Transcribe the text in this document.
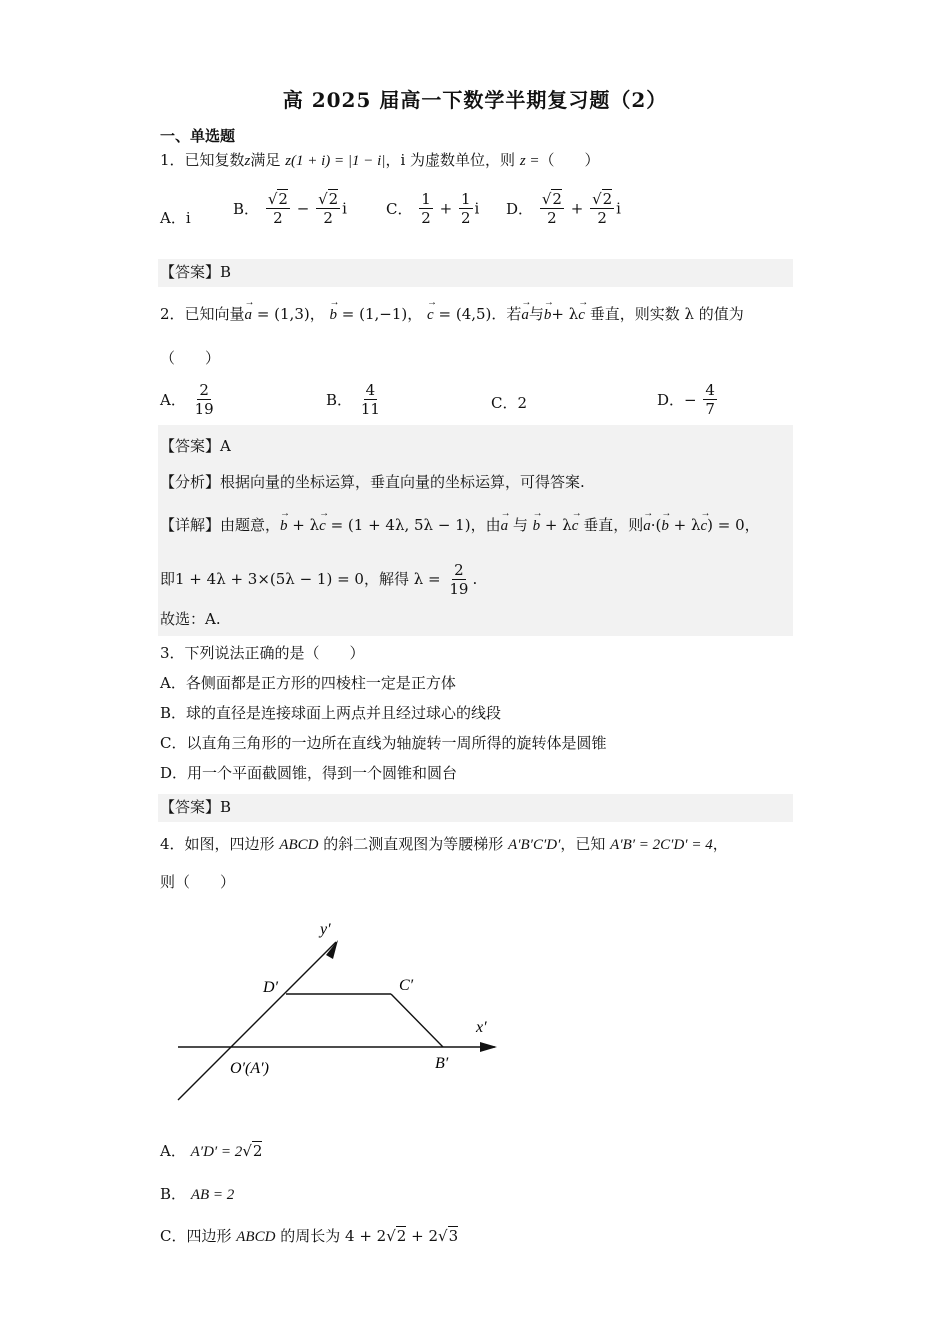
高 2025 届高一下数学半期复习题（2）
一、单选题
1．已知复数z满足 z(1 + i) = |1 − i|，i 为虚数单位，则 z =（　　）
A．i	B． $\frac{√2}{2} - \frac{√2}{2}$ i	C． $\frac{1}{2} + \frac{1}{2}$ i D． $\frac{√2}{2} + \frac{√2}{2}$ i
【答案】B
2．已知向量→ a = (1,3)， → b = (1,−1)， → c = (4,5)．若→ a与→ b+ λ→ c 垂直，则实数 λ 的值为
（　　）
A． $\frac{2}{19}$	B． $\frac{4}{11}$	C．2	D．− $\frac{4}{7}$
【答案】A
【分析】根据向量的坐标运算，垂直向量的坐标运算，可得答案.
【详解】由题意，→ b + λ→ c = (1 + 4λ, 5λ − 1)，由→ a 与 → b + λ→ c 垂直，则→ a·(→ b + λ→ c) = 0，
即1 + 4λ + 3×(5λ − 1) = 0，解得 $\lambda = \frac{2}{19}$ .
故选：A.
3．下列说法正确的是（　　）
A．各侧面都是正方形的四棱柱一定是正方体
B．球的直径是连接球面上两点并且经过球心的线段
C．以直角三角形的一边所在直线为轴旋转一周所得的旋转体是圆锥
D．用一个平面截圆锥，得到一个圆锥和圆台
【答案】B
4．如图，四边形 ABCD 的斜二测直观图为等腰梯形 A′B′C′D′，已知 A′B′ = 2C′D′ = 4，
则（　　）
y′
x′
D′	C′
B′
O′(A′)
A． A′D′ = 2√2
B． AB = 2
C．四边形 ABCD 的周长为 4 + 2√2 + 2√3
